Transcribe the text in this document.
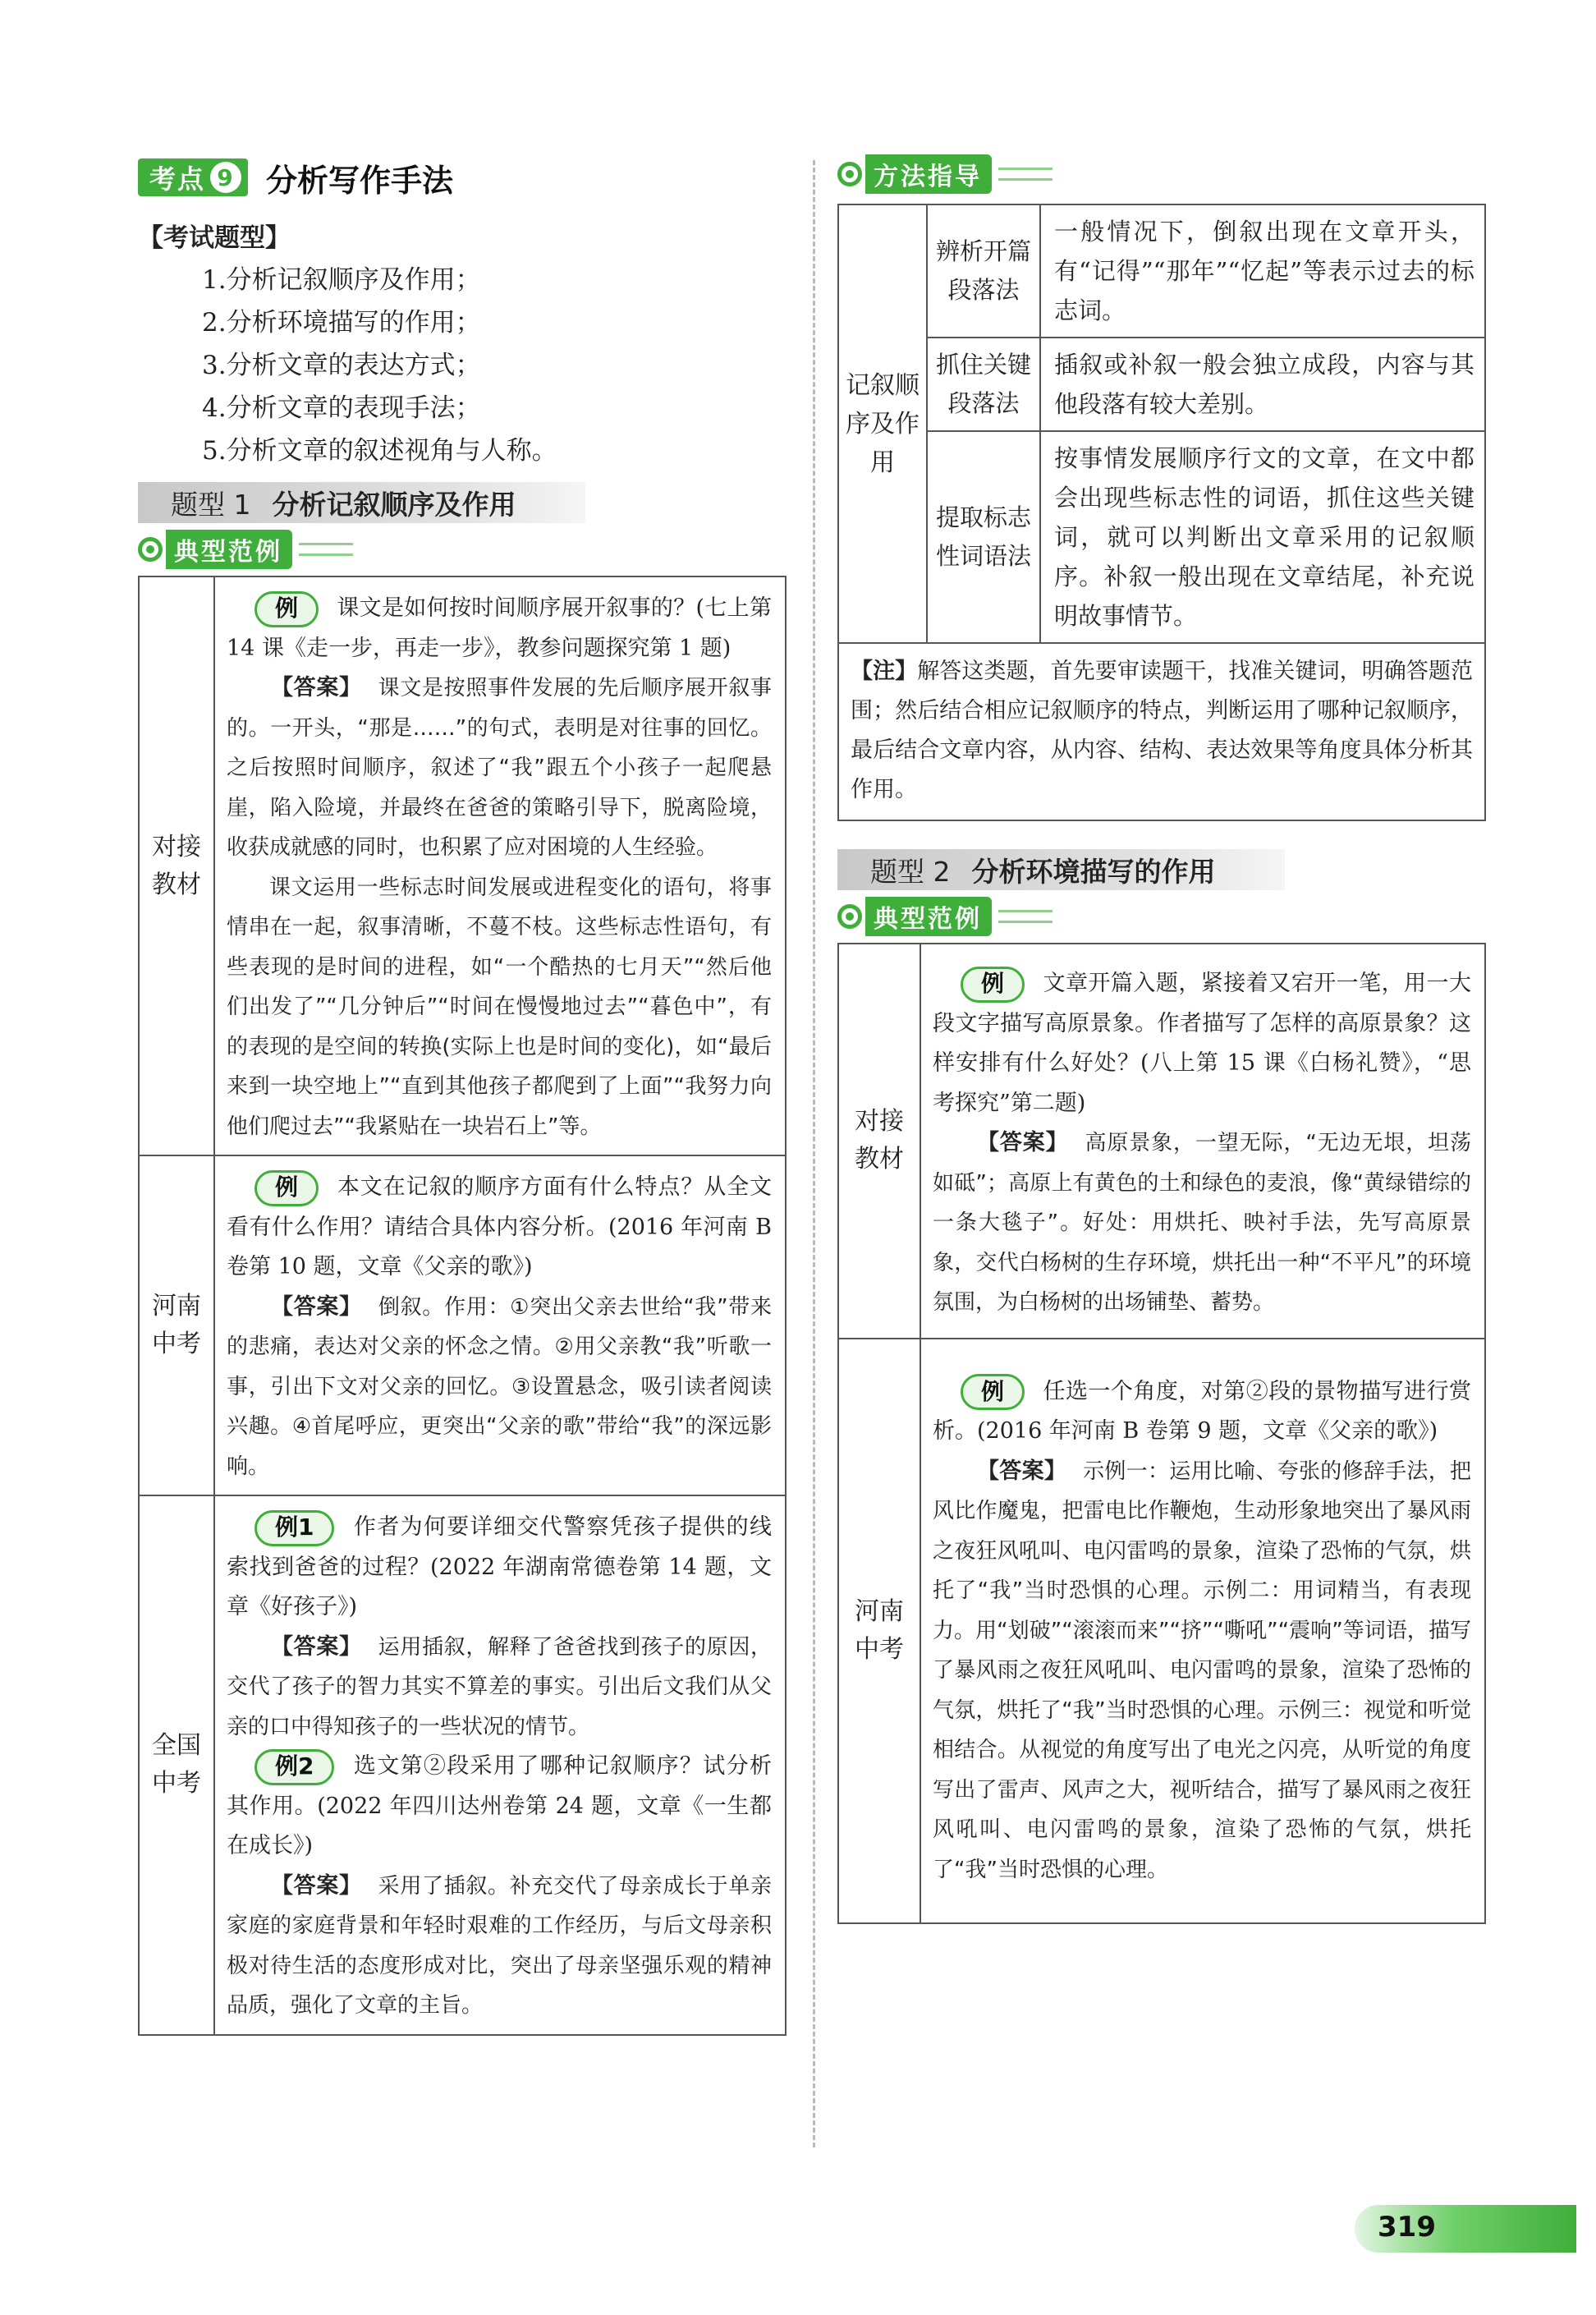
考点 9 分析写作手法
【考试题型】
1.分析记叙顺序及作用；
2.分析环境描写的作用；
3.分析文章的表达方式；
4.分析文章的表现手法；
5.分析文章的叙述视角与人称。
题型 1 分析记叙顺序及作用
典型范例
对接教材	例 课文是如何按时间顺序展开叙事的？(七上第 14 课《走一步，再走一步》，教参问题探究第 1 题)

【答案】 课文是按照事件发展的先后顺序展开叙事的。一开头，“那是……”的句式，表明是对往事的回忆。之后按照时间顺序，叙述了“我”跟五个小孩子一起爬悬崖，陷入险境，并最终在爸爸的策略引导下，脱离险境，收获成就感的同时，也积累了应对困境的人生经验。

课文运用一些标志时间发展或进程变化的语句，将事情串在一起，叙事清晰，不蔓不枝。这些标志性语句，有些表现的是时间的进程，如“一个酷热的七月天”“然后他们出发了”“几分钟后”“时间在慢慢地过去”“暮色中”，有的表现的是空间的转换(实际上也是时间的变化)，如“最后来到一块空地上”“直到其他孩子都爬到了上面”“我努力向他们爬过去”“我紧贴在一块岩石上”等。

河南中考	例 本文在记叙的顺序方面有什么特点？从全文看有什么作用？请结合具体内容分析。(2016 年河南 B 卷第 10 题，文章《父亲的歌》)

【答案】 倒叙。作用：①突出父亲去世给“我”带来的悲痛，表达对父亲的怀念之情。②用父亲教“我”听歌一事，引出下文对父亲的回忆。③设置悬念，吸引读者阅读兴趣。④首尾呼应，更突出“父亲的歌”带给“我”的深远影响。

全国中考	例1 作者为何要详细交代警察凭孩子提供的线索找到爸爸的过程？(2022 年湖南常德卷第 14 题，文章《好孩子》)

【答案】 运用插叙，解释了爸爸找到孩子的原因，交代了孩子的智力其实不算差的事实。引出后文我们从父亲的口中得知孩子的一些状况的情节。

例2 选文第②段采用了哪种记叙顺序？试分析其作用。(2022 年四川达州卷第 24 题，文章《一生都在成长》)

【答案】 采用了插叙。补充交代了母亲成长于单亲家庭的家庭背景和年轻时艰难的工作经历，与后文母亲积极对待生活的态度形成对比，突出了母亲坚强乐观的精神品质，强化了文章的主旨。

方法指导
记叙顺序及作用	辨析开篇段落法	一般情况下，倒叙出现在文章开头，有“记得”“那年”“忆起”等表示过去的标志词。
	抓住关键段落法	插叙或补叙一般会独立成段，内容与其他段落有较大差别。
	提取标志性词语法	按事情发展顺序行文的文章，在文中都会出现些标志性的词语，抓住这些关键词，就可以判断出文章采用的记叙顺序。补叙一般出现在文章结尾，补充说明故事情节。
【注】解答这类题，首先要审读题干，找准关键词，明确答题范围；然后结合相应记叙顺序的特点，判断运用了哪种记叙顺序，最后结合文章内容，从内容、结构、表达效果等角度具体分析其作用。		
题型 2 分析环境描写的作用
典型范例
对接教材	例 文章开篇入题，紧接着又宕开一笔，用一大段文字描写高原景象。作者描写了怎样的高原景象？这样安排有什么好处？(八上第 15 课《白杨礼赞》，“思考探究”第二题)

【答案】 高原景象，一望无际，“无边无垠，坦荡如砥”；高原上有黄色的土和绿色的麦浪，像“黄绿错综的一条大毯子”。好处：用烘托、映衬手法，先写高原景象，交代白杨树的生存环境，烘托出一种“不平凡”的环境氛围，为白杨树的出场铺垫、蓄势。

河南中考	例 任选一个角度，对第②段的景物描写进行赏析。(2016 年河南 B 卷第 9 题，文章《父亲的歌》)

【答案】 示例一：运用比喻、夸张的修辞手法，把风比作魔鬼，把雷电比作鞭炮，生动形象地突出了暴风雨之夜狂风吼叫、电闪雷鸣的景象，渲染了恐怖的气氛，烘托了“我”当时恐惧的心理。示例二：用词精当，有表现力。用“划破”“滚滚而来”“挤”“嘶吼”“震响”等词语，描写了暴风雨之夜狂风吼叫、电闪雷鸣的景象，渲染了恐怖的气氛，烘托了“我”当时恐惧的心理。示例三：视觉和听觉相结合。从视觉的角度写出了电光之闪亮，从听觉的角度写出了雷声、风声之大，视听结合，描写了暴风雨之夜狂风吼叫、电闪雷鸣的景象，渲染了恐怖的气氛，烘托了“我”当时恐惧的心理。

319
